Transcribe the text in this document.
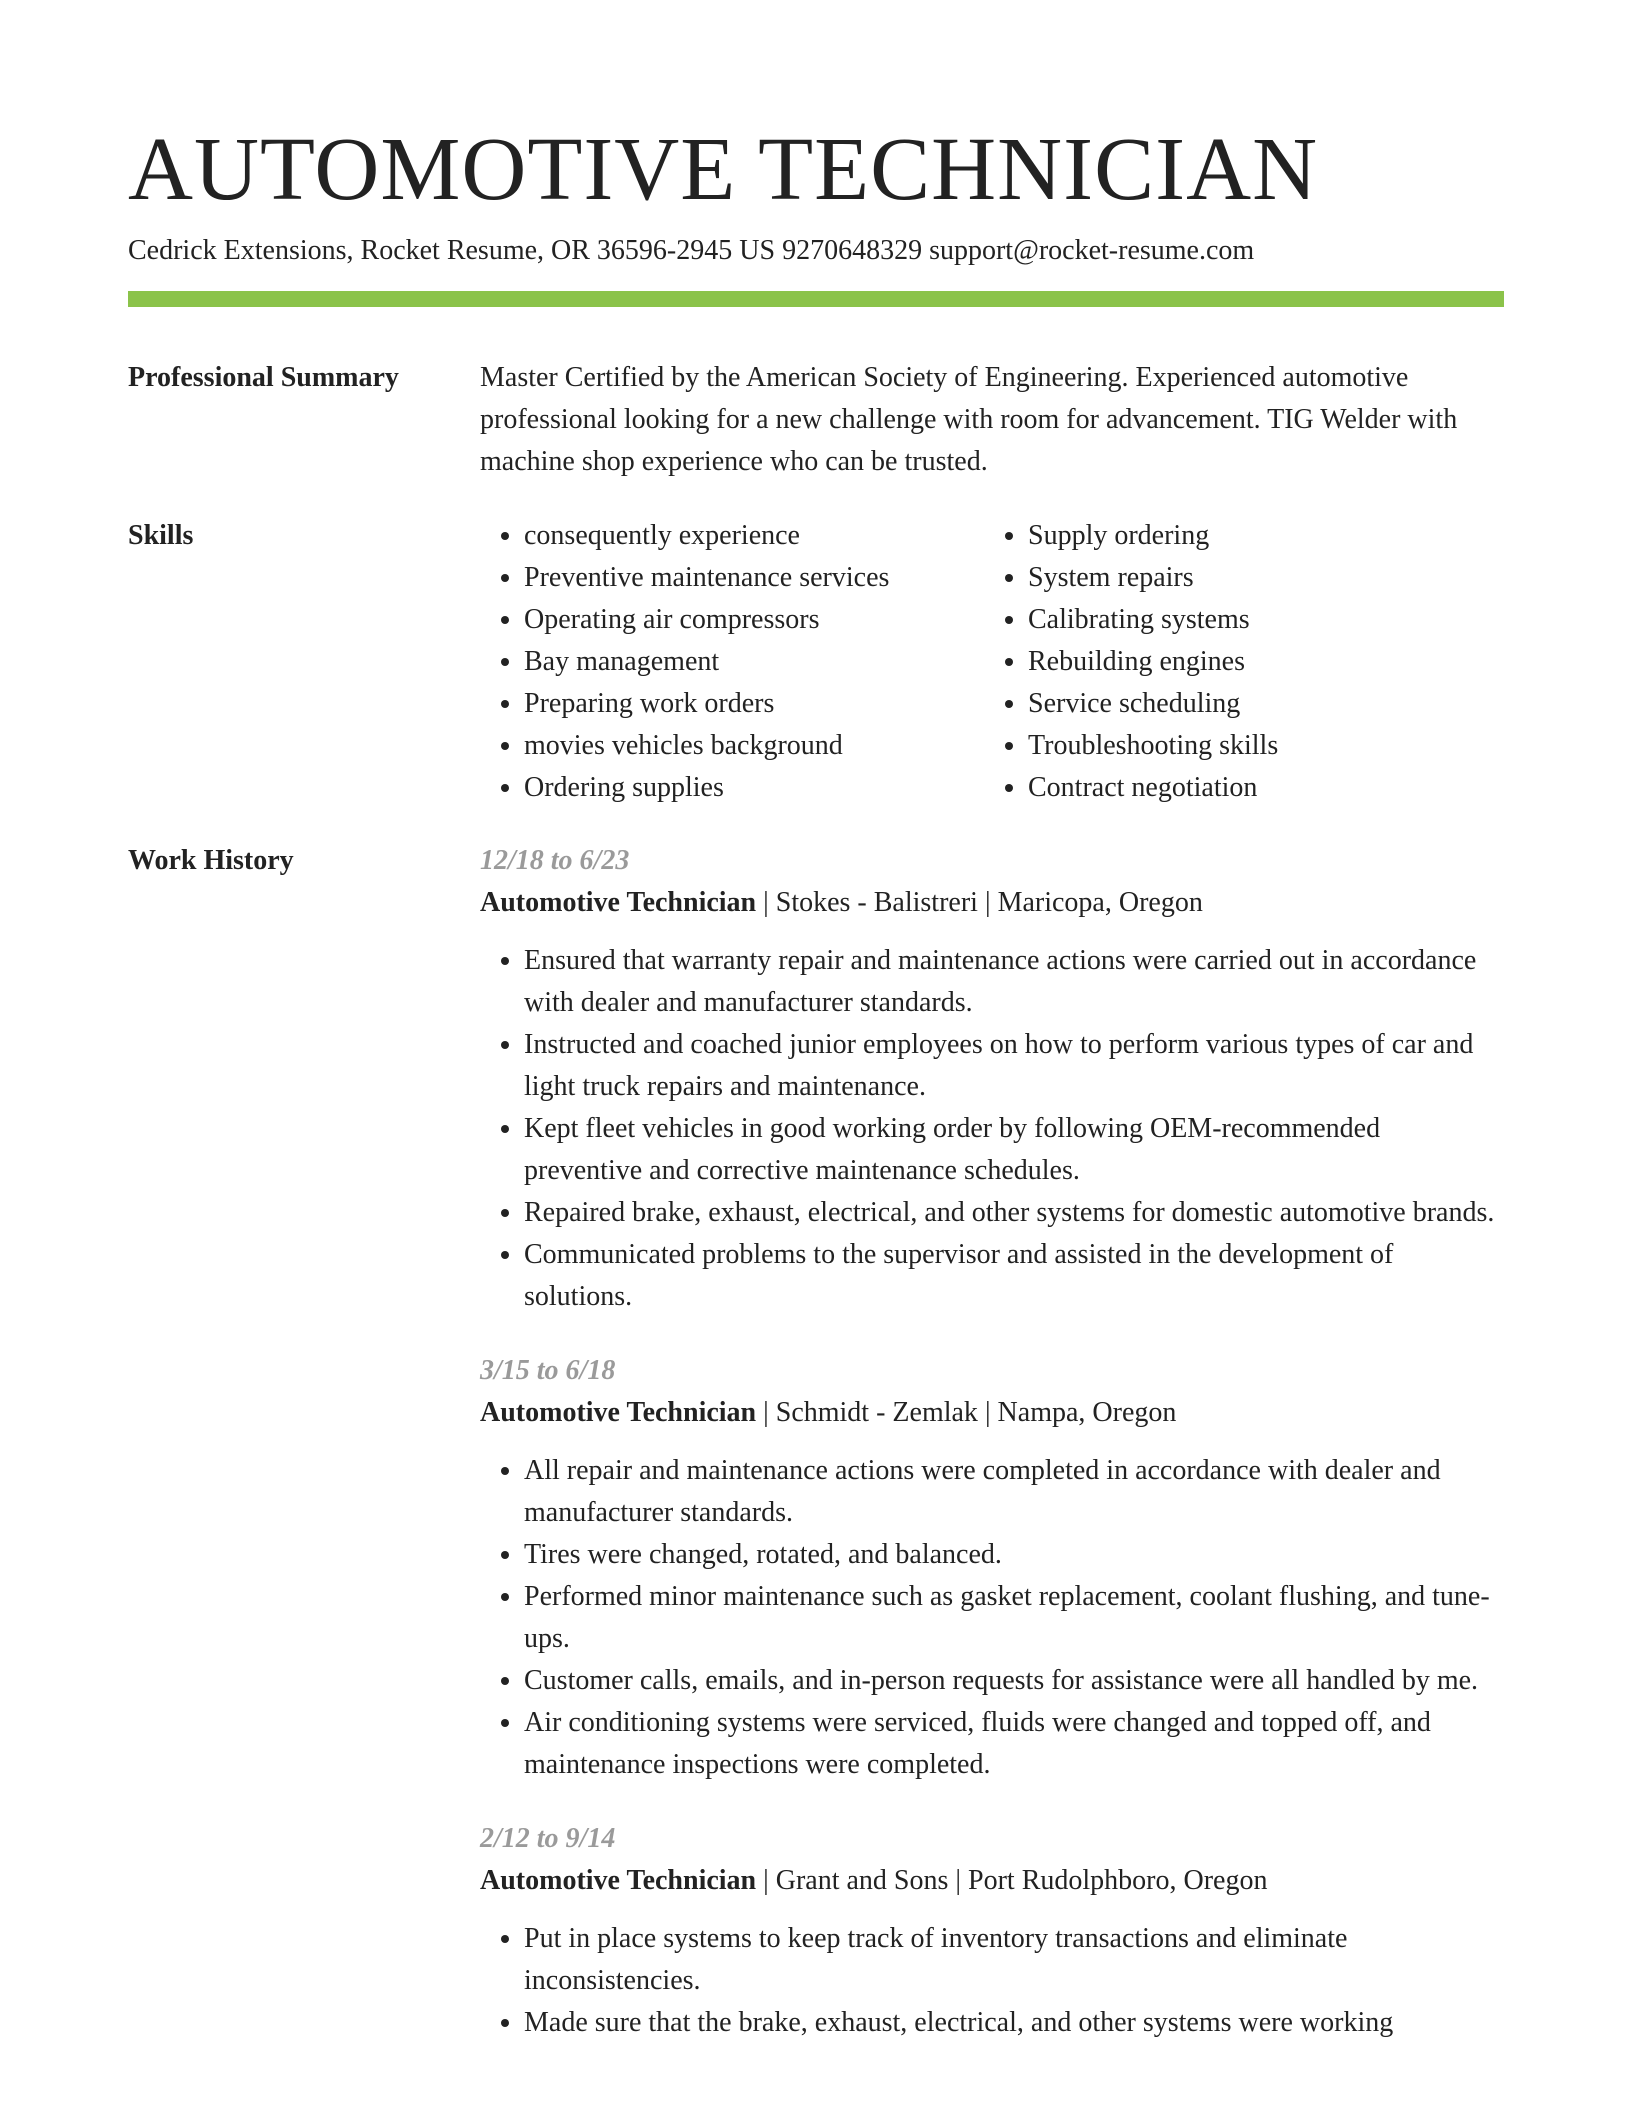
AUTOMOTIVE TECHNICIAN
Cedrick Extensions, Rocket Resume, OR 36596-2945 US 9270648329 support@rocket-resume.com
Professional Summary	Master Certified by the American Society of Engineering. Experienced automotive professional looking for a new challenge with room for advancement. TIG Welder with machine shop experience who can be trusted.
Skills
•	consequently experience
• Preventive maintenance services
• Operating air compressors
• Bay management
• Preparing work orders
• movies vehicles background
• Ordering supplies
• Supply ordering
• System repairs
• Calibrating systems
• Rebuilding engines
• Service scheduling
• Troubleshooting skills
• Contract negotiation
Work History	12/18 to 6/23
Automotive Technician | Stokes - Balistreri | Maricopa, Oregon
• Ensured that warranty repair and maintenance actions were carried out in accordance with dealer and manufacturer standards.
• Instructed and coached junior employees on how to perform various types of car and light truck repairs and maintenance.
• Kept fleet vehicles in good working order by following OEM-recommended preventive and corrective maintenance schedules.
• Repaired brake, exhaust, electrical, and other systems for domestic automotive brands.
• Communicated problems to the supervisor and assisted in the development of solutions.
3/15 to 6/18
Automotive Technician | Schmidt - Zemlak | Nampa, Oregon
• All repair and maintenance actions were completed in accordance with dealer and manufacturer standards.
• Tires were changed, rotated, and balanced.
• Performed minor maintenance such as gasket replacement, coolant flushing, and tune-ups.
• Customer calls, emails, and in-person requests for assistance were all handled by me.
• Air conditioning systems were serviced, fluids were changed and topped off, and maintenance inspections were completed.
2/12 to 9/14
Automotive Technician | Grant and Sons | Port Rudolphboro, Oregon
• Put in place systems to keep track of inventory transactions and eliminate inconsistencies.
• Made sure that the brake, exhaust, electrical, and other systems were working
